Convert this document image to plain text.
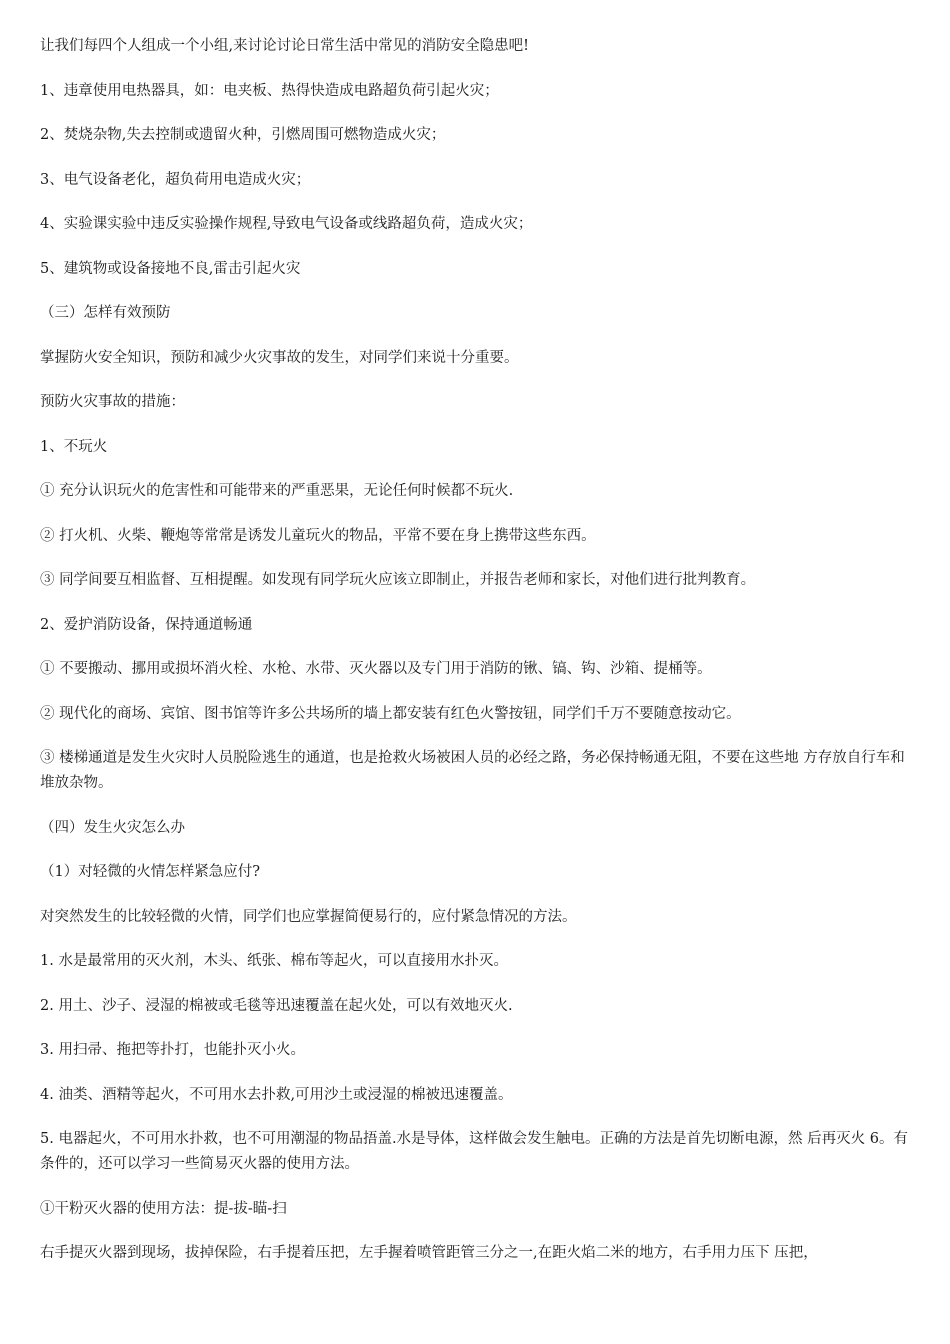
让我们每四个人组成一个小组,来讨论讨论日常生活中常见的消防安全隐患吧!

1、违章使用电热器具，如：电夹板、热得快造成电路超负荷引起火灾；

2、焚烧杂物,失去控制或遗留火种，引燃周围可燃物造成火灾；

3、电气设备老化，超负荷用电造成火灾；

4、实验课实验中违反实验操作规程,导致电气设备或线路超负荷，造成火灾；

5、建筑物或设备接地不良,雷击引起火灾

（三）怎样有效预防

掌握防火安全知识，预防和减少火灾事故的发生，对同学们来说十分重要。

预防火灾事故的措施：

1、不玩火

① 充分认识玩火的危害性和可能带来的严重恶果，无论任何时候都不玩火.

② 打火机、火柴、鞭炮等常常是诱发儿童玩火的物品，平常不要在身上携带这些东西。

③ 同学间要互相监督、互相提醒。如发现有同学玩火应该立即制止，并报告老师和家长，对他们进行批判教育。

2、爱护消防设备，保持通道畅通

① 不要搬动、挪用或损坏消火栓、水枪、水带、灭火器以及专门用于消防的锹、镐、钩、沙箱、提桶等。

② 现代化的商场、宾馆、图书馆等许多公共场所的墙上都安装有红色火警按钮，同学们千万不要随意按动它。

③ 楼梯通道是发生火灾时人员脱险逃生的通道，也是抢救火场被困人员的必经之路，务必保持畅通无阻，不要在这些地 方存放自行车和堆放杂物。

（四）发生火灾怎么办

（1）对轻微的火情怎样紧急应付?

对突然发生的比较轻微的火情，同学们也应掌握简便易行的，应付紧急情况的方法。

1. 水是最常用的灭火剂，木头、纸张、棉布等起火，可以直接用水扑灭。

2. 用土、沙子、浸湿的棉被或毛毯等迅速覆盖在起火处，可以有效地灭火.

3. 用扫帚、拖把等扑打，也能扑灭小火。

4. 油类、酒精等起火，不可用水去扑救,可用沙土或浸湿的棉被迅速覆盖。

5. 电器起火，不可用水扑救，也不可用潮湿的物品捂盖.水是导体，这样做会发生触电。正确的方法是首先切断电源，然 后再灭火 6。有条件的，还可以学习一些简易灭火器的使用方法。

①干粉灭火器的使用方法：提-拔-瞄-扫

右手提灭火器到现场，拔掉保险，右手提着压把，左手握着喷管距管三分之一,在距火焰二米的地方，右手用力压下 压把，
